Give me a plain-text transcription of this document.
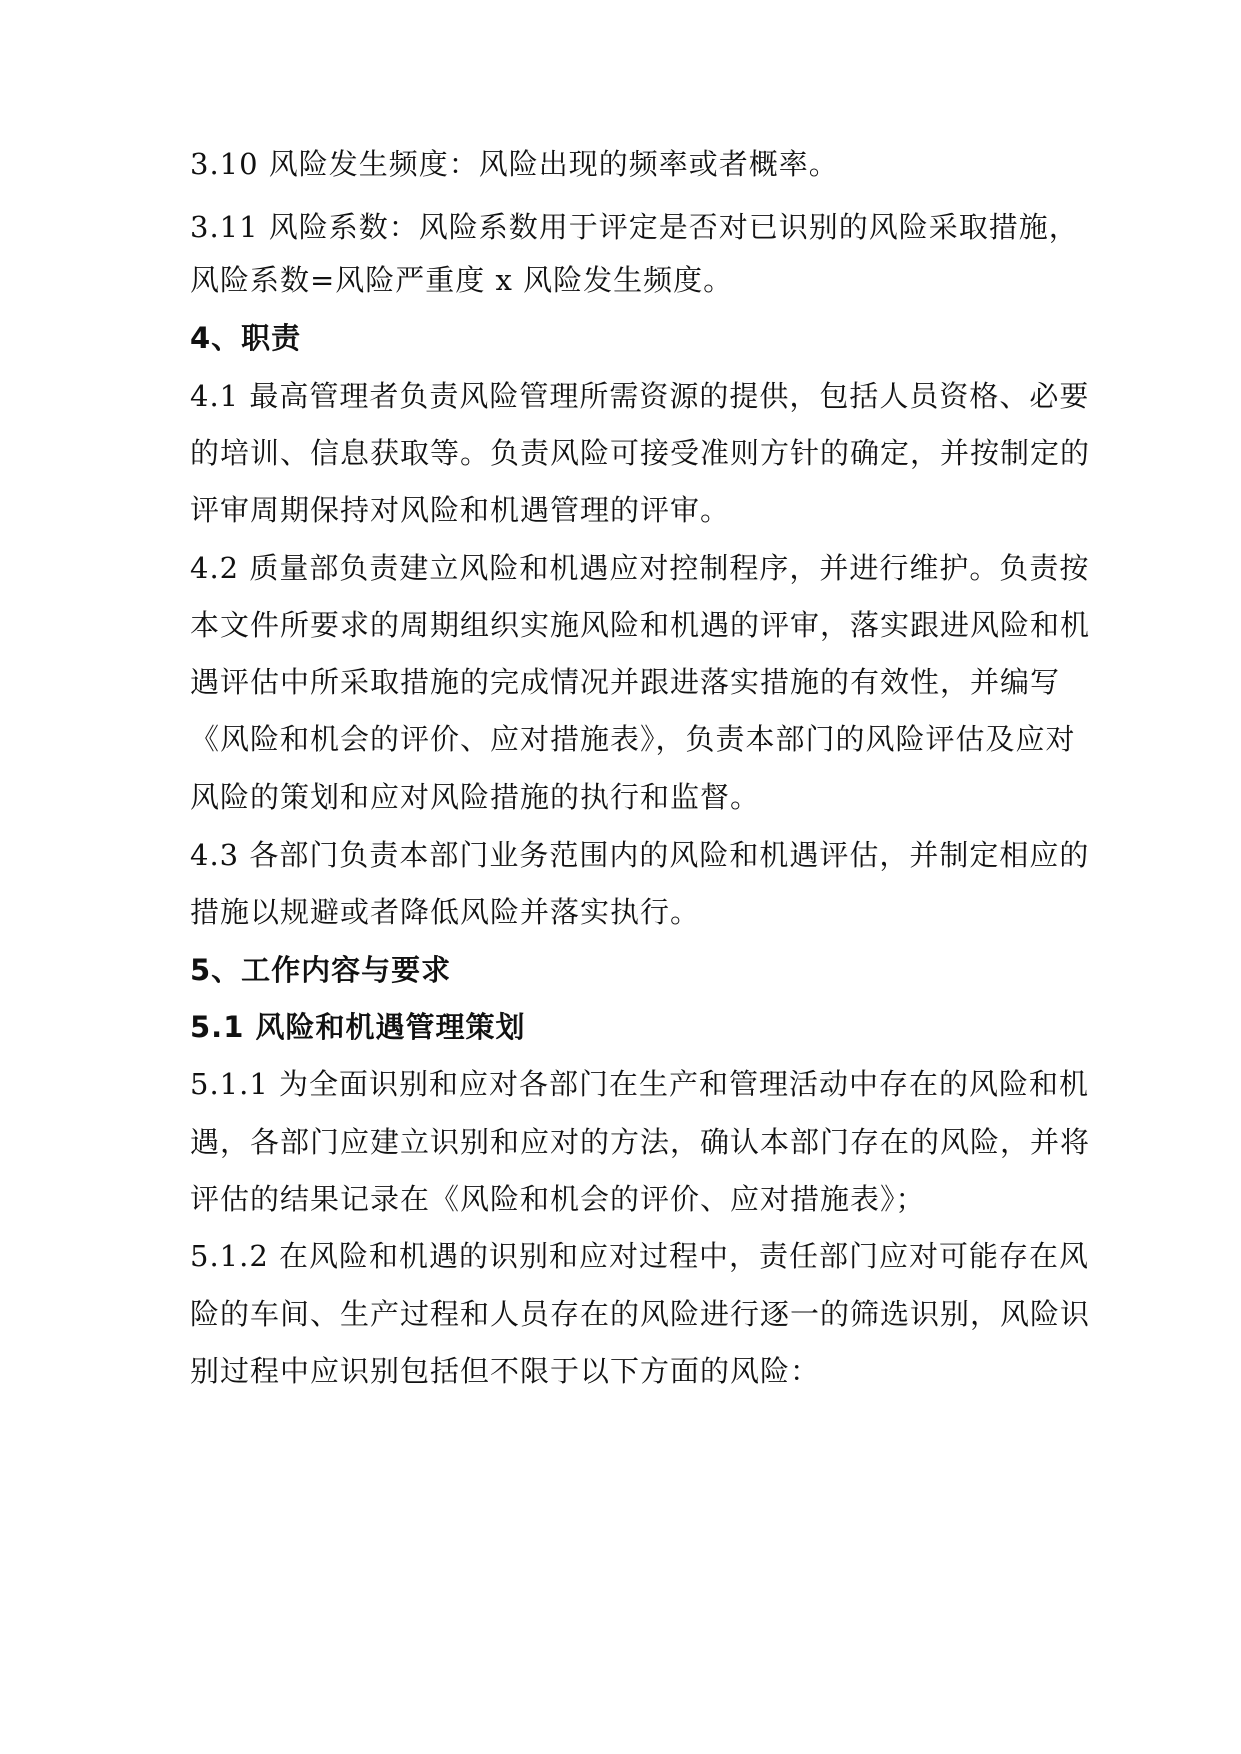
3.10 风险发生频度：风险出现的频率或者概率。
3.11 风险系数：风险系数用于评定是否对已识别的风险采取措施，
风险系数=风险严重度 x 风险发生频度。
4、职责
4.1 最高管理者负责风险管理所需资源的提供，包括人员资格、必要
的培训、信息获取等。负责风险可接受准则方针的确定，并按制定的
评审周期保持对风险和机遇管理的评审。
4.2 质量部负责建立风险和机遇应对控制程序，并进行维护。负责按
本文件所要求的周期组织实施风险和机遇的评审，落实跟进风险和机
遇评估中所采取措施的完成情况并跟进落实措施的有效性，并编写
《风险和机会的评价、应对措施表》，负责本部门的风险评估及应对
风险的策划和应对风险措施的执行和监督。
4.3 各部门负责本部门业务范围内的风险和机遇评估，并制定相应的
措施以规避或者降低风险并落实执行。
5、工作内容与要求
5.1 风险和机遇管理策划
5.1.1 为全面识别和应对各部门在生产和管理活动中存在的风险和机
遇，各部门应建立识别和应对的方法，确认本部门存在的风险，并将
评估的结果记录在《风险和机会的评价、应对措施表》；
5.1.2 在风险和机遇的识别和应对过程中，责任部门应对可能存在风
险的车间、生产过程和人员存在的风险进行逐一的筛选识别，风险识
别过程中应识别包括但不限于以下方面的风险：
